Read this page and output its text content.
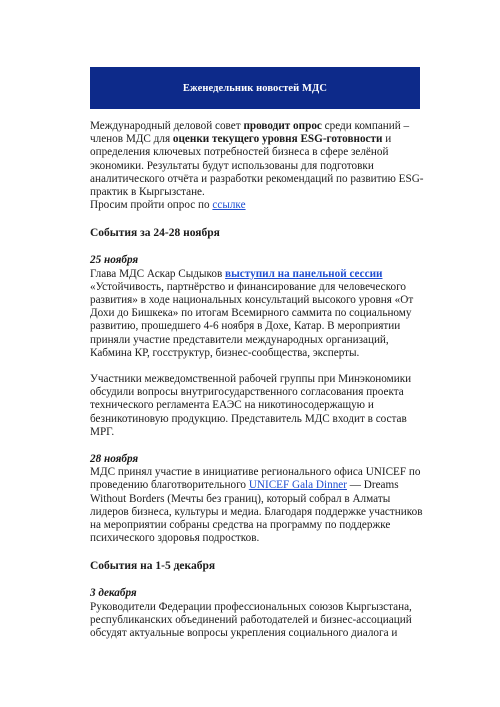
Еженедельник новостей МДС

Международный деловой совет проводит опрос среди компаний – членов МДС для оценки текущего уровня ESG-готовности и определения ключевых потребностей бизнеса в сфере зелёной экономики. Результаты будут использованы для подготовки аналитического отчёта и разработки рекомендаций по развитию ESG-практик в Кыргызстане.

Просим пройти опрос по ссылке

События за 24-28 ноября

25 ноября

Глава МДС Аскар Сыдыков выступил на панельной сессии «Устойчивость, партнёрство и финансирование для человеческого развития» в ходе национальных консультаций высокого уровня «От Дохи до Бишкека» по итогам Всемирного саммита по социальному развитию, прошедшего 4-6 ноября в Дохе, Катар. В мероприятии приняли участие представители международных организаций, Кабмина КР, госструктур, бизнес-сообщества, эксперты.

Участники межведомственной рабочей группы при Минэкономики обсудили вопросы внутригосударственного согласования проекта технического регламента ЕАЭС на никотиносодержащую и безникотиновую продукцию. Представитель МДС входит в состав МРГ.

28 ноября

МДС принял участие в инициативе регионального офиса UNICEF по проведению благотворительного UNICEF Gala Dinner — Dreams Without Borders (Мечты без границ), который собрал в Алматы лидеров бизнеса, культуры и медиа. Благодаря поддержке участников на мероприятии собраны средства на программу по поддержке психического здоровья подростков.

События на 1-5 декабря

3 декабря

Руководители Федерации профессиональных союзов Кыргызстана, республиканских объединений работодателей и бизнес-ассоциаций обсудят актуальные вопросы укрепления социального диалога и
